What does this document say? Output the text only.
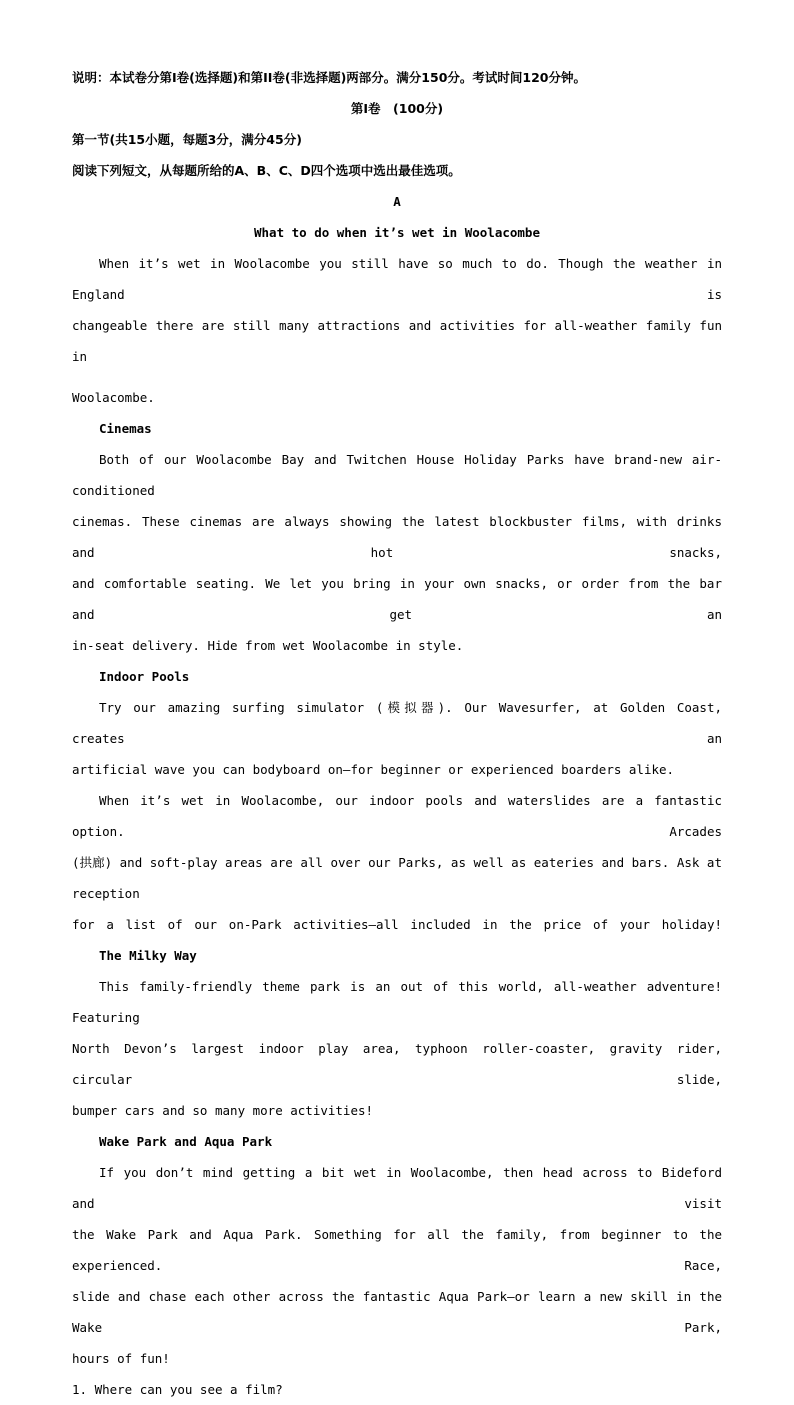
说明：本试卷分第Ⅰ卷(选择题)和第II卷(非选择题)两部分。满分150分。考试时间120分钟。
第Ⅰ卷　(100分)
第一节(共15小题，每题3分，满分45分)
阅读下列短文，从每题所给的A、B、C、D四个选项中选出最佳选项。
A
What to do when it’s wet in Woolacombe
When it’s wet in Woolacombe you still have so much to do. Though the weather in England is
changeable there are still many attractions and activities for all-weather family fun in
Woolacombe.
Cinemas
Both of our Woolacombe Bay and Twitchen House Holiday Parks have brand-new air-conditioned
cinemas. These cinemas are always showing the latest blockbuster films, with drinks and hot snacks,
and comfortable seating. We let you bring in your own snacks, or order from the bar and get an
in-seat delivery. Hide from wet Woolacombe in style.
Indoor Pools
Try our amazing surfing simulator (模拟器). Our Wavesurfer, at Golden Coast, creates an
artificial wave you can bodyboard on—for beginner or experienced boarders alike.
When it’s wet in Woolacombe, our indoor pools and waterslides are a fantastic option. Arcades
(拱廊) and soft-play areas are all over our Parks, as well as eateries and bars. Ask at reception
for a list of our on-Park activities—all included in the price of your holiday!
The Milky Way
This family-friendly theme park is an out of this world, all-weather adventure! Featuring
North Devon’s largest indoor play area, typhoon roller-coaster, gravity rider, circular slide,
bumper cars and so many more activities!
Wake Park and Aqua Park
If you don’t mind getting a bit wet in Woolacombe, then head across to Bideford and visit
the Wake Park and Aqua Park. Something for all the family, from beginner to the experienced. Race,
slide and chase each other across the fantastic Aqua Park—or learn a new skill in the Wake Park,
hours of fun!
1. Where can you see a film?
